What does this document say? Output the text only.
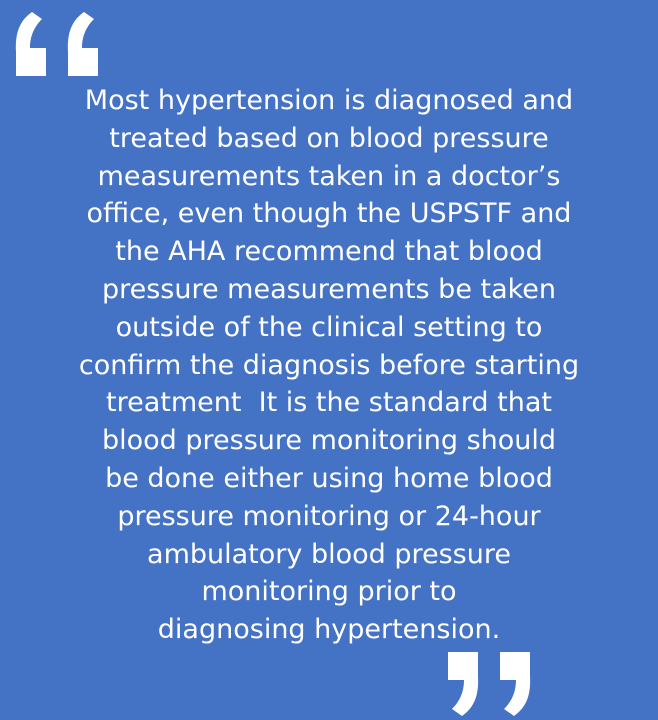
Most hypertension is diagnosed and
treated based on blood pressure
measurements taken in a doctor’s
office, even though the USPSTF and
the AHA recommend that blood
pressure measurements be taken
outside of the clinical setting to
confirm the diagnosis before starting
treatment  It is the standard that
blood pressure monitoring should
be done either using home blood
pressure monitoring or 24-hour
ambulatory blood pressure
monitoring prior to
diagnosing hypertension.
